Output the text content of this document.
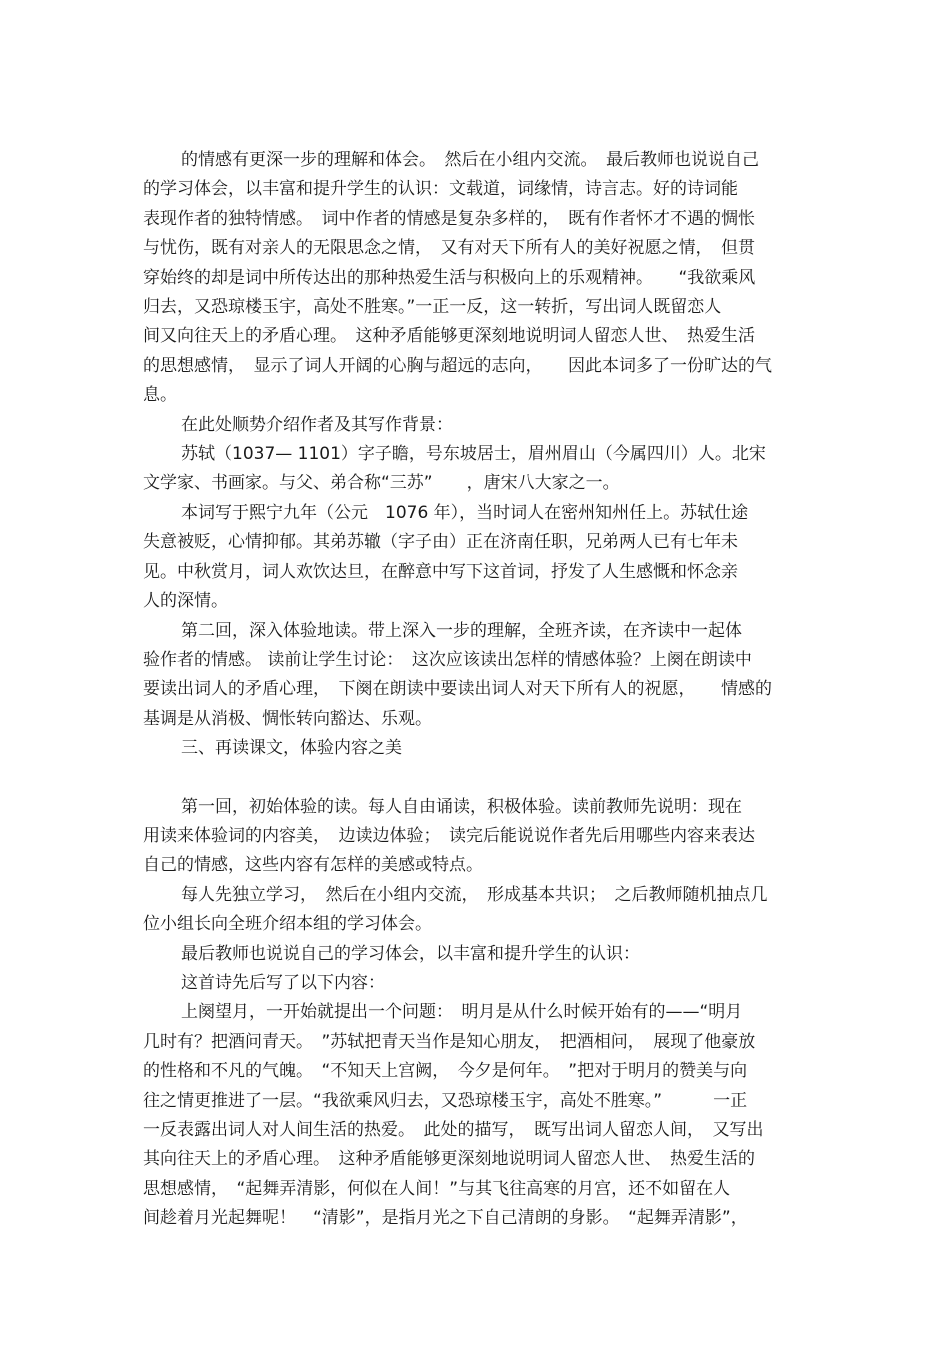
的情感有更深一步的理解和体会。　然后在小组内交流。　最后教师也说说自己
的学习体会，以丰富和提升学生的认识：文载道，词缘情，诗言志。好的诗词能
表现作者的独特情感。　词中作者的情感是复杂多样的，　既有作者怀才不遇的惆怅
与忧伤，既有对亲人的无限思念之情，　又有对天下所有人的美好祝愿之情，　但贯
穿始终的却是词中所传达出的那种热爱生活与积极向上的乐观精神。　　“我欲乘风
归去，又恐琼楼玉宇，高处不胜寒。”一正一反，这一转折，写出词人既留恋人
间又向往天上的矛盾心理。　这种矛盾能够更深刻地说明词人留恋人世、　热爱生活
的思想感情，　显示了词人开阔的心胸与超远的志向，　　因此本词多了一份旷达的气
息。
在此处顺势介绍作者及其写作背景：
苏轼（1037— 1101）字子瞻，号东坡居士，眉州眉山（今属四川）人。北宋
文学家、书画家。与父、弟合称“三苏”　　，唐宋八大家之一。
本词写于熙宁九年（公元　1076 年），当时词人在密州知州任上。苏轼仕途
失意被贬，心情抑郁。其弟苏辙（字子由）正在济南任职，兄弟两人已有七年未
见。中秋赏月，词人欢饮达旦，在醉意中写下这首词，抒发了人生感慨和怀念亲
人的深情。
第二回，深入体验地读。带上深入一步的理解，全班齐读，在齐读中一起体
验作者的情感。 读前让学生讨论：　这次应该读出怎样的情感体验？上阕在朗读中
要读出词人的矛盾心理，　下阕在朗读中要读出词人对天下所有人的祝愿，　　情感的
基调是从消极、惆怅转向豁达、乐观。
三、再读课文，体验内容之美
第一回，初始体验的读。每人自由诵读，积极体验。读前教师先说明：现在
用读来体验词的内容美，　边读边体验；　读完后能说说作者先后用哪些内容来表达
自己的情感，这些内容有怎样的美感或特点。
每人先独立学习，　然后在小组内交流，　形成基本共识；　之后教师随机抽点几
位小组长向全班介绍本组的学习体会。
最后教师也说说自己的学习体会，以丰富和提升学生的认识：
这首诗先后写了以下内容：
上阕望月，一开始就提出一个问题：　明月是从什么时候开始有的——“明月
几时有？把酒问青天。　”苏轼把青天当作是知心朋友，　把酒相问，　展现了他豪放
的性格和不凡的气魄。　“不知天上宫阙，　今夕是何年。　”把对于明月的赞美与向
往之情更推进了一层。“我欲乘风归去，又恐琼楼玉宇，高处不胜寒。”　　　一正
一反表露出词人对人间生活的热爱。　此处的描写，　既写出词人留恋人间，　又写出
其向往天上的矛盾心理。　这种矛盾能够更深刻地说明词人留恋人世、　热爱生活的
思想感情，　“起舞弄清影，何似在人间！”与其飞往高寒的月宫，还不如留在人
间趁着月光起舞呢！　“清影”，是指月光之下自己清朗的身影。　“起舞弄清影”，
